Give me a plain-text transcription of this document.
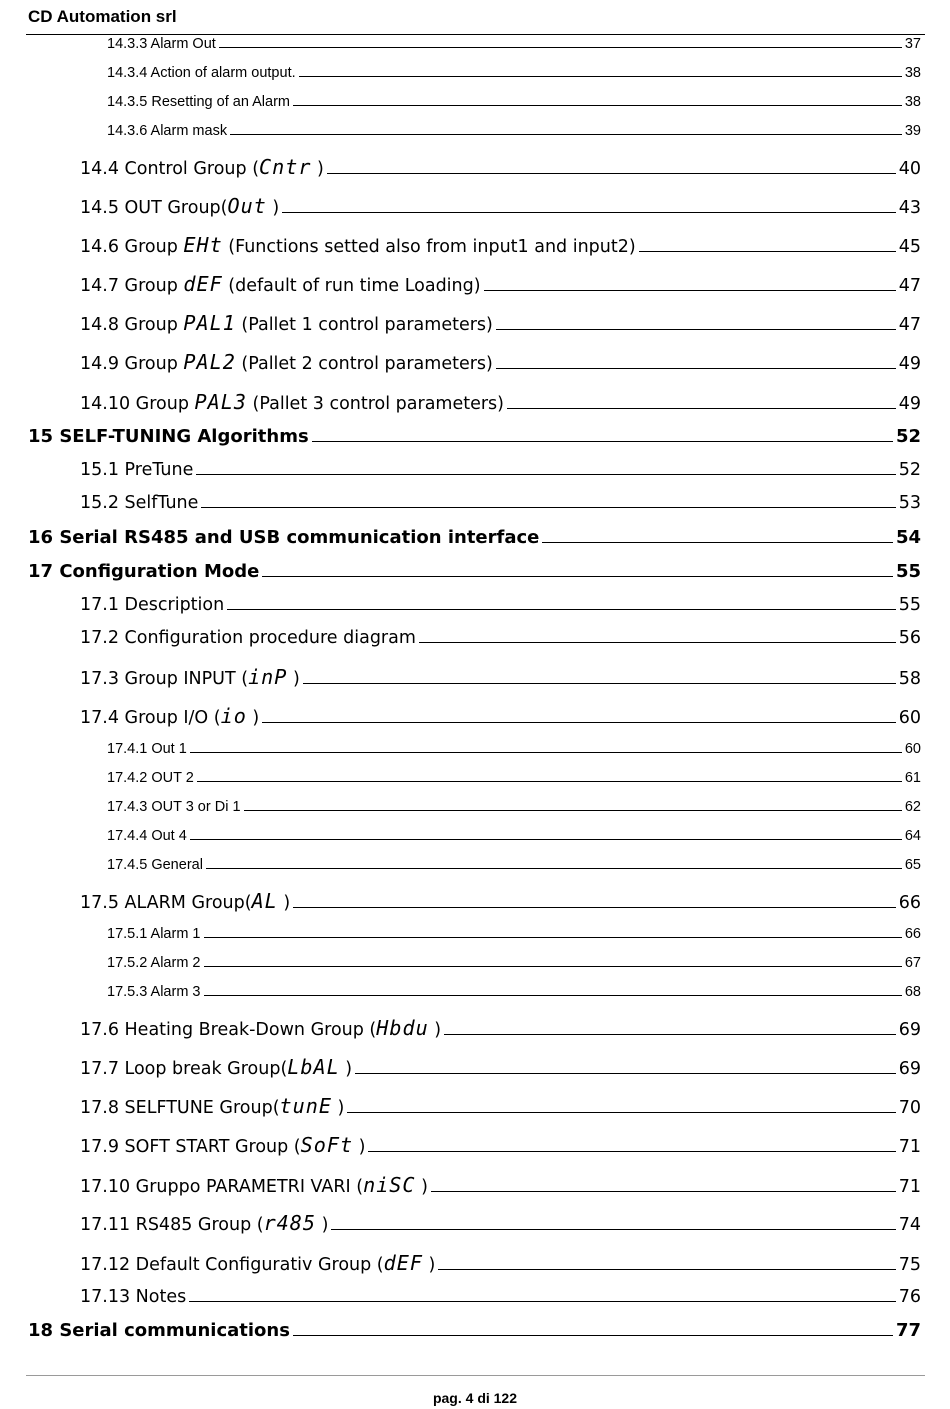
CD Automation srl
14.3.3 Alarm Out	37
14.3.4 Action of alarm output.	38
14.3.5 Resetting of an Alarm	38
14.3.6 Alarm mask	39
14.4 Control Group (Cntr )	40
14.5 OUT Group(Out )	43
14.6 Group EHt (Functions setted also from input1 and input2)	45
14.7 Group dEF (default of run time Loading)	47
14.8 Group PAL1 (Pallet 1 control parameters)	47
14.9 Group PAL2 (Pallet 2 control parameters)	49
14.10 Group PAL3 (Pallet 3 control parameters)	49
15 SELF-TUNING Algorithms	52
15.1 PreTune	52
15.2 SelfTune	53
16 Serial RS485 and USB communication interface	54
17 Configuration Mode	55
17.1 Description	55
17.2 Configuration procedure diagram	56
17.3 Group INPUT (inP )	58
17.4 Group I/O (io )	60
17.4.1 Out 1	60
17.4.2 OUT 2	61
17.4.3 OUT 3 or Di 1	62
17.4.4 Out 4	64
17.4.5 General	65
17.5 ALARM Group(AL )	66
17.5.1 Alarm 1	66
17.5.2 Alarm 2	67
17.5.3 Alarm 3	68
17.6 Heating Break-Down Group (Hbdu )	69
17.7 Loop break Group(LbAL )	69
17.8 SELFTUNE Group(tunE )	70
17.9 SOFT START Group (SoFt )	71
17.10 Gruppo PARAMETRI VARI (niSC )	71
17.11 RS485 Group (r485 )	74
17.12 Default Configurativ Group (dEF )	75
17.13 Notes	76
18 Serial communications	77
pag. 4 di 122
